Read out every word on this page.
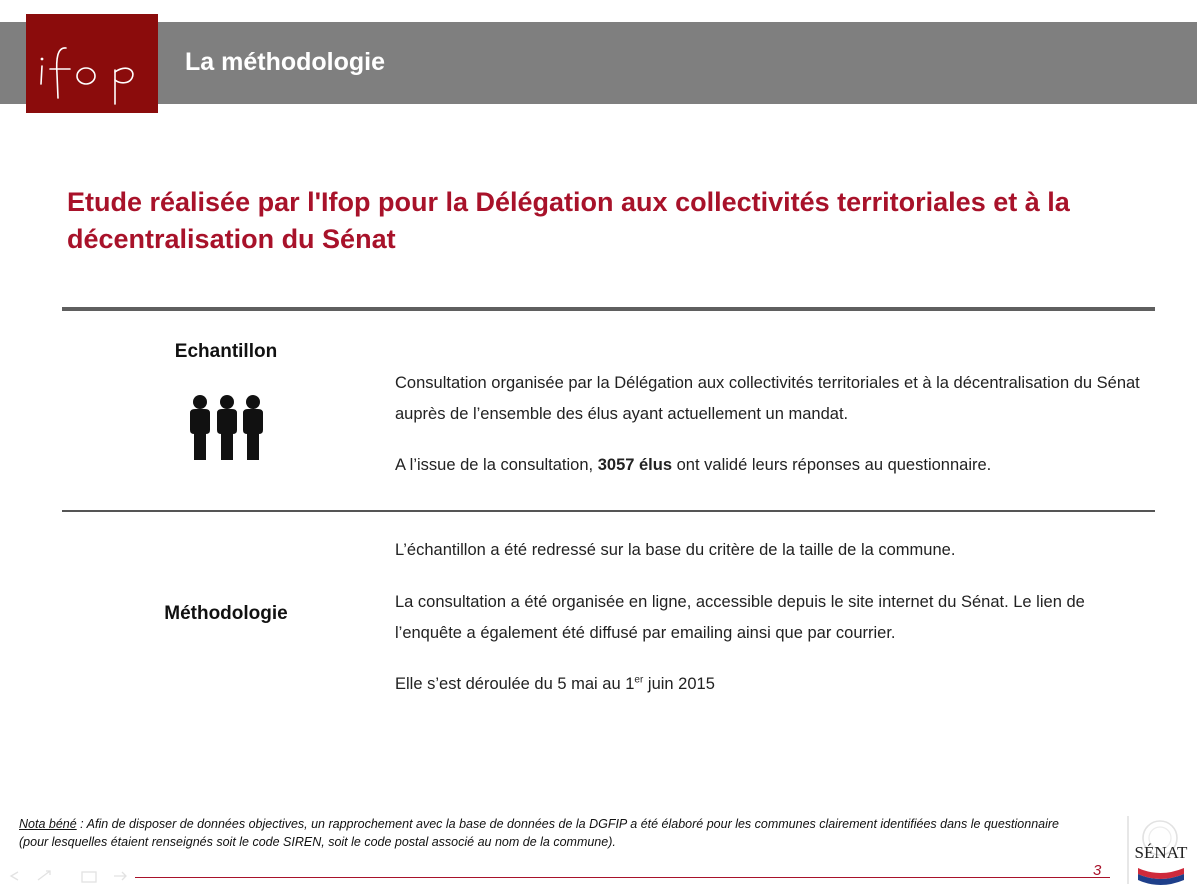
La méthodologie
Etude réalisée par l'Ifop pour la Délégation aux collectivités territoriales et à la décentralisation du Sénat
Echantillon
Consultation organisée par la Délégation aux collectivités territoriales et à la décentralisation du Sénat auprès de l’ensemble des élus ayant actuellement un mandat.
A l’issue de la consultation, 3057 élus ont validé leurs réponses au questionnaire.
Méthodologie
L’échantillon a été redressé sur la base du critère de la taille de la commune.
La consultation a été organisée en ligne, accessible depuis le site internet du Sénat. Le lien de l’enquête a également été diffusé par emailing ainsi que par courrier.
Elle s’est déroulée du 5 mai au 1er juin 2015
Nota béné : Afin de disposer de données objectives, un rapprochement avec la base de données de la DGFIP a été élaboré pour les communes clairement identifiées dans le questionnaire (pour lesquelles étaient renseignés soit le code SIREN, soit le code postal associé au nom de la commune).
3
SÉNAT
